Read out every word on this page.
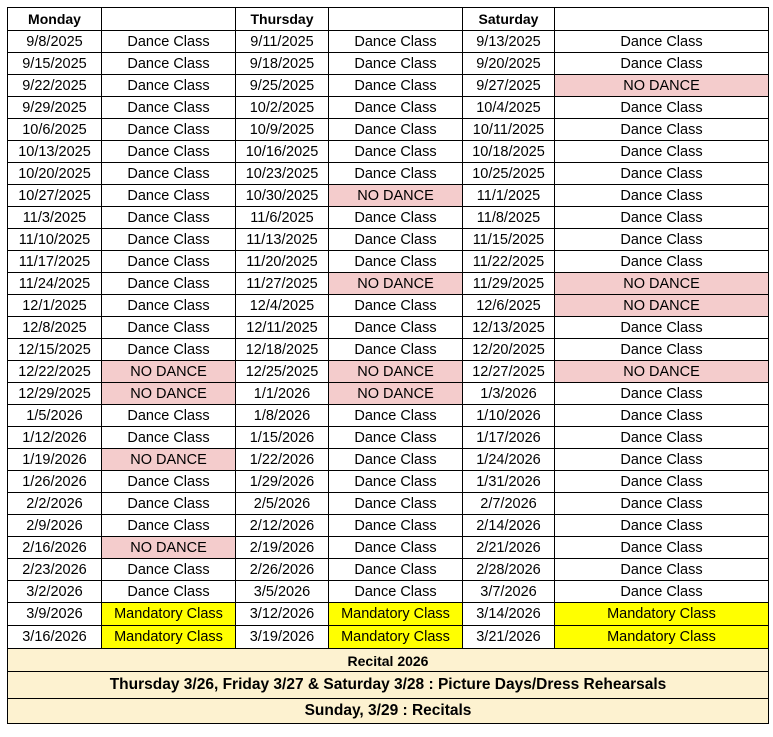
Monday		Thursday		Saturday	
9/8/2025	Dance Class	9/11/2025	Dance Class	9/13/2025	Dance Class
9/15/2025	Dance Class	9/18/2025	Dance Class	9/20/2025	Dance Class
9/22/2025	Dance Class	9/25/2025	Dance Class	9/27/2025	NO DANCE
9/29/2025	Dance Class	10/2/2025	Dance Class	10/4/2025	Dance Class
10/6/2025	Dance Class	10/9/2025	Dance Class	10/11/2025	Dance Class
10/13/2025	Dance Class	10/16/2025	Dance Class	10/18/2025	Dance Class
10/20/2025	Dance Class	10/23/2025	Dance Class	10/25/2025	Dance Class
10/27/2025	Dance Class	10/30/2025	NO DANCE	11/1/2025	Dance Class
11/3/2025	Dance Class	11/6/2025	Dance Class	11/8/2025	Dance Class
11/10/2025	Dance Class	11/13/2025	Dance Class	11/15/2025	Dance Class
11/17/2025	Dance Class	11/20/2025	Dance Class	11/22/2025	Dance Class
11/24/2025	Dance Class	11/27/2025	NO DANCE	11/29/2025	NO DANCE
12/1/2025	Dance Class	12/4/2025	Dance Class	12/6/2025	NO DANCE
12/8/2025	Dance Class	12/11/2025	Dance Class	12/13/2025	Dance Class
12/15/2025	Dance Class	12/18/2025	Dance Class	12/20/2025	Dance Class
12/22/2025	NO DANCE	12/25/2025	NO DANCE	12/27/2025	NO DANCE
12/29/2025	NO DANCE	1/1/2026	NO DANCE	1/3/2026	Dance Class
1/5/2026	Dance Class	1/8/2026	Dance Class	1/10/2026	Dance Class
1/12/2026	Dance Class	1/15/2026	Dance Class	1/17/2026	Dance Class
1/19/2026	NO DANCE	1/22/2026	Dance Class	1/24/2026	Dance Class
1/26/2026	Dance Class	1/29/2026	Dance Class	1/31/2026	Dance Class
2/2/2026	Dance Class	2/5/2026	Dance Class	2/7/2026	Dance Class
2/9/2026	Dance Class	2/12/2026	Dance Class	2/14/2026	Dance Class
2/16/2026	NO DANCE	2/19/2026	Dance Class	2/21/2026	Dance Class
2/23/2026	Dance Class	2/26/2026	Dance Class	2/28/2026	Dance Class
3/2/2026	Dance Class	3/5/2026	Dance Class	3/7/2026	Dance Class
3/9/2026	Mandatory Class	3/12/2026	Mandatory Class	3/14/2026	Mandatory Class
3/16/2026	Mandatory Class	3/19/2026	Mandatory Class	3/21/2026	Mandatory Class
Recital 2026					
Thursday 3/26, Friday 3/27 & Saturday 3/28 : Picture Days/Dress Rehearsals					
Sunday, 3/29 : Recitals					
